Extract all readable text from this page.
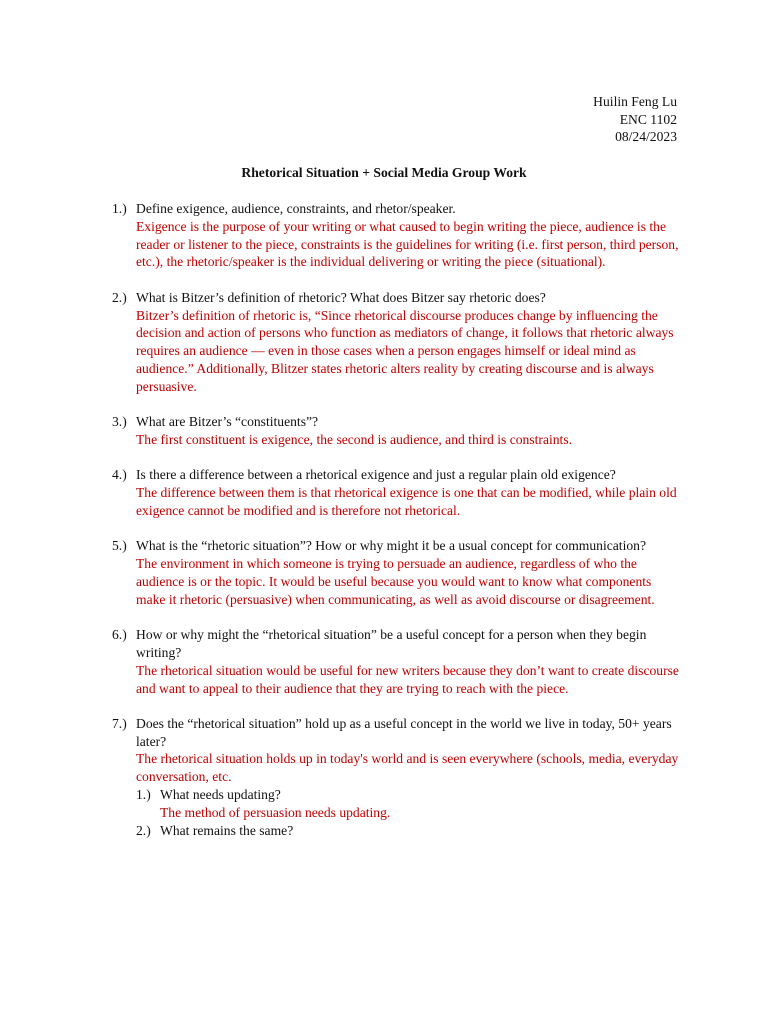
Huilin Feng Lu
ENC 1102
08/24/2023
Rhetorical Situation + Social Media Group Work
1.) Define exigence, audience, constraints, and rhetor/speaker.
Exigence is the purpose of your writing or what caused to begin writing the piece, audience is the reader or listener to the piece, constraints is the guidelines for writing (i.e. first person, third person, etc.), the rhetoric/speaker is the individual delivering or writing the piece (situational).
2.) What is Bitzer’s definition of rhetoric? What does Bitzer say rhetoric does?
Bitzer’s definition of rhetoric is, “Since rhetorical discourse produces change by influencing the decision and action of persons who function as mediators of change, it follows that rhetoric always requires an audience — even in those cases when a person engages himself or ideal mind as audience.” Additionally, Blitzer states rhetoric alters reality by creating discourse and is always persuasive.
3.) What are Bitzer’s “constituents”?
The first constituent is exigence, the second is audience, and third is constraints.
4.) Is there a difference between a rhetorical exigence and just a regular plain old exigence?
The difference between them is that rhetorical exigence is one that can be modified, while plain old exigence cannot be modified and is therefore not rhetorical.
5.) What is the “rhetoric situation”? How or why might it be a usual concept for communication?
The environment in which someone is trying to persuade an audience, regardless of who the audience is or the topic. It would be useful because you would want to know what components make it rhetoric (persuasive) when communicating, as well as avoid discourse or disagreement.
6.) How or why might the “rhetorical situation” be a useful concept for a person when they begin writing?
The rhetorical situation would be useful for new writers because they don’t want to create discourse and want to appeal to their audience that they are trying to reach with the piece.
7.) Does the “rhetorical situation” hold up as a useful concept in the world we live in today, 50+ years later?
The rhetorical situation holds up in today's world and is seen everywhere (schools, media, everyday conversation, etc.
1.) What needs updating?
The method of persuasion needs updating.
2.) What remains the same?
